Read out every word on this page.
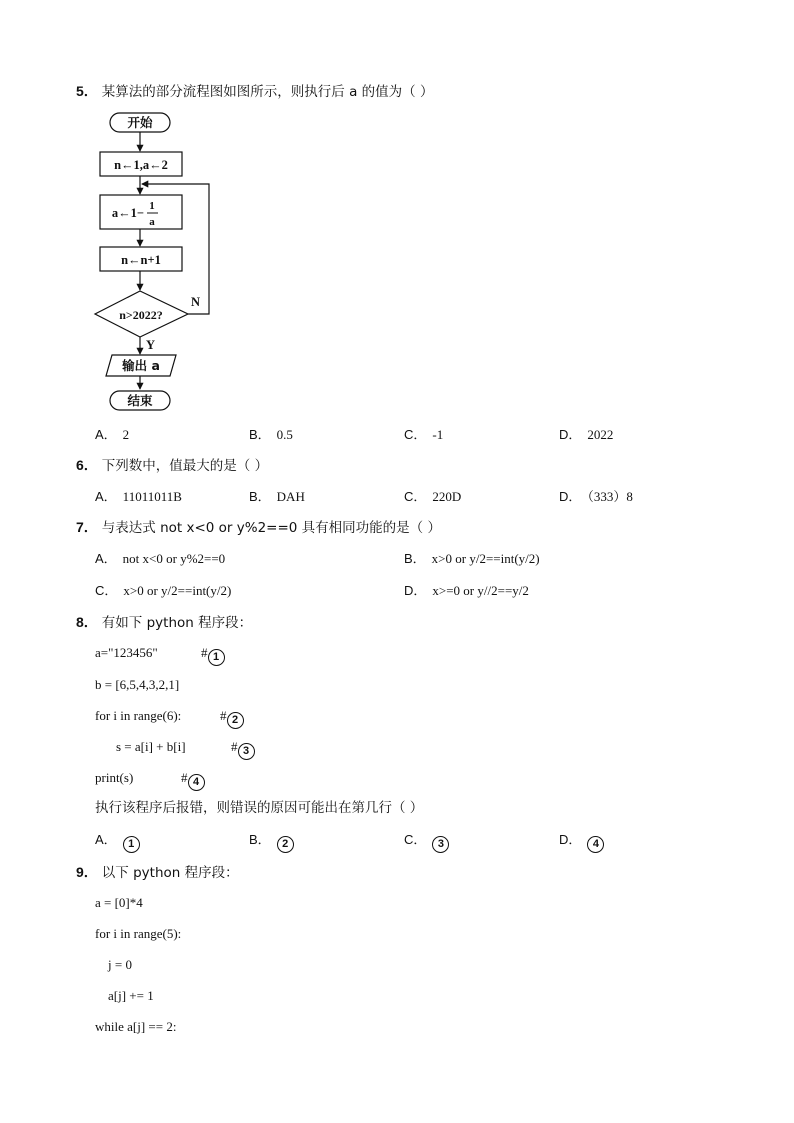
5． 某算法的部分流程图如图所示，则执行后 a 的值为（ ）
开始
n←1,a←2
a←1− 1
a
n←n+1
n>2022?
N
Y
输出 a
结束
A． 2	B． 0.5	C． -1	D． 2022
6． 下列数中，值最大的是（ ）
A． 11011011B	B． DAH	C． 220D	D． （333）8
7． 与表达式 not x<0 or y%2==0 具有相同功能的是（ ）
A． not x<0 or y%2==0	B． x>0 or y/2==int(y/2)
C． x>0 or y/2==int(y/2)	D． x>=0 or y//2==y/2
8． 有如下 python 程序段：
a="123456"	# 1
b = [6,5,4,3,2,1]
for i in range(6):	# 2
s = a[i] + b[i]	# 3
print(s)	# 4
执行该程序后报错，则错误的原因可能出在第几行（ ）
A． 1	B． 2	C． 3	D． 4
9． 以下 python 程序段：
a = [0]*4
for i in range(5):
j = 0
a[j] += 1
while a[j] == 2:
